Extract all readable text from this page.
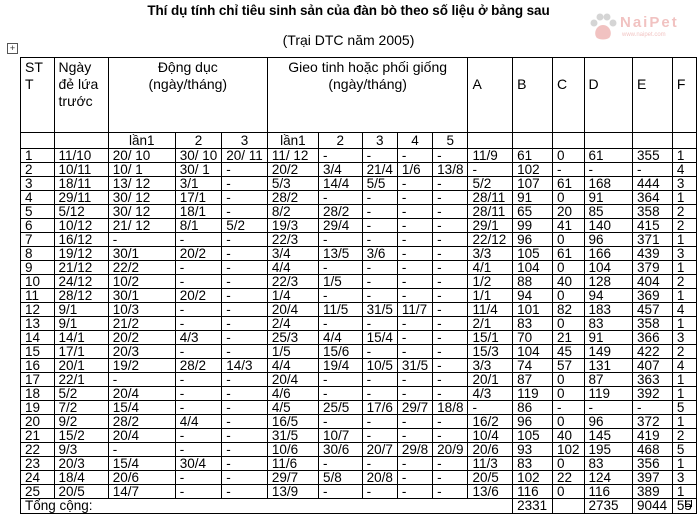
Thí dụ tính chỉ tiêu sinh sản của đàn bò theo số liệu ở bảng sau
(Trại DTC năm 2005)
NaiPet
www.naipet.com
+
ST T	Ngày đẻ lứa trước	Động dục (ngày/tháng)			Gieo tinh hoặc phối giống (ngày/tháng)					A	B	C	D	E	F
		lần1	2	3	lần1	2	3	4	5						
1	11/10	20/ 10	30/ 10	20/ 11	11/ 12	-	-	-	-	11/9	61	0	61	355	1
2	10/11	10/ 1	30/ 1	-	20/2	3/4	21/4	1/6	13/8	-	102	-	-	-	4
3	18/11	13/ 12	3/1	-	5/3	14/4	5/5	-	-	5/2	107	61	168	444	3
4	29/11	30/ 12	17/1	-	28/2	-	-	-	-	28/11	91	0	91	364	1
5	5/12	30/ 12	18/1	-	8/2	28/2	-	-	-	28/11	65	20	85	358	2
6	10/12	21/ 12	8/1	5/2	19/3	29/4	-	-	-	29/1	99	41	140	415	2
7	16/12	-	-	-	22/3	-	-	-	-	22/12	96	0	96	371	1
8	19/12	30/1	20/2	-	3/4	13/5	3/6	-	-	3/3	105	61	166	439	3
9	21/12	22/2	-	-	4/4	-	-	-	-	4/1	104	0	104	379	1
10	24/12	10/2	-	-	22/3	1/5	-	-	-	1/2	88	40	128	404	2
11	28/12	30/1	20/2	-	1/4	-	-	-	-	1/1	94	0	94	369	1
12	9/1	10/3	-	-	20/4	11/5	31/5	11/7	-	11/4	101	82	183	457	4
13	9/1	21/2	-	-	2/4	-	-	-	-	2/1	83	0	83	358	1
14	14/1	20/2	4/3	-	25/3	4/4	15/4	-	-	15/1	70	21	91	366	3
15	17/1	20/3	-	-	1/5	15/6	-	-	-	15/3	104	45	149	422	2
16	20/1	19/2	28/2	14/3	4/4	19/4	10/5	31/5	-	3/3	74	57	131	407	4
17	22/1	-	-	-	20/4	-	-	-	-	20/1	87	0	87	363	1
18	5/2	20/4	-	-	4/6	-	-	-	-	4/3	119	0	119	392	1
19	7/2	15/4	-	-	4/5	25/5	17/6	29/7	18/8	-	86	-	-	-	5
20	9/2	28/2	4/4	-	16/5	-	-	-	-	16/2	96	0	96	372	1
21	15/2	20/4	-	-	31/5	10/7	-	-	-	10/4	105	40	145	419	2
22	9/3	-	-	-	10/6	30/6	20/7	29/8	20/9	20/6	93	102	195	468	5
23	20/3	15/4	30/4	-	11/6	-	-	-	-	11/3	83	0	83	356	1
24	18/4	20/6	-	-	29/7	5/8	20/8	-	-	20/5	102	22	124	397	3
25	20/5	14/7	-	-	13/9	-	-	-	-	13/6	116	0	116	389	1
Tổng cộng:											2331		2735	9044	55
